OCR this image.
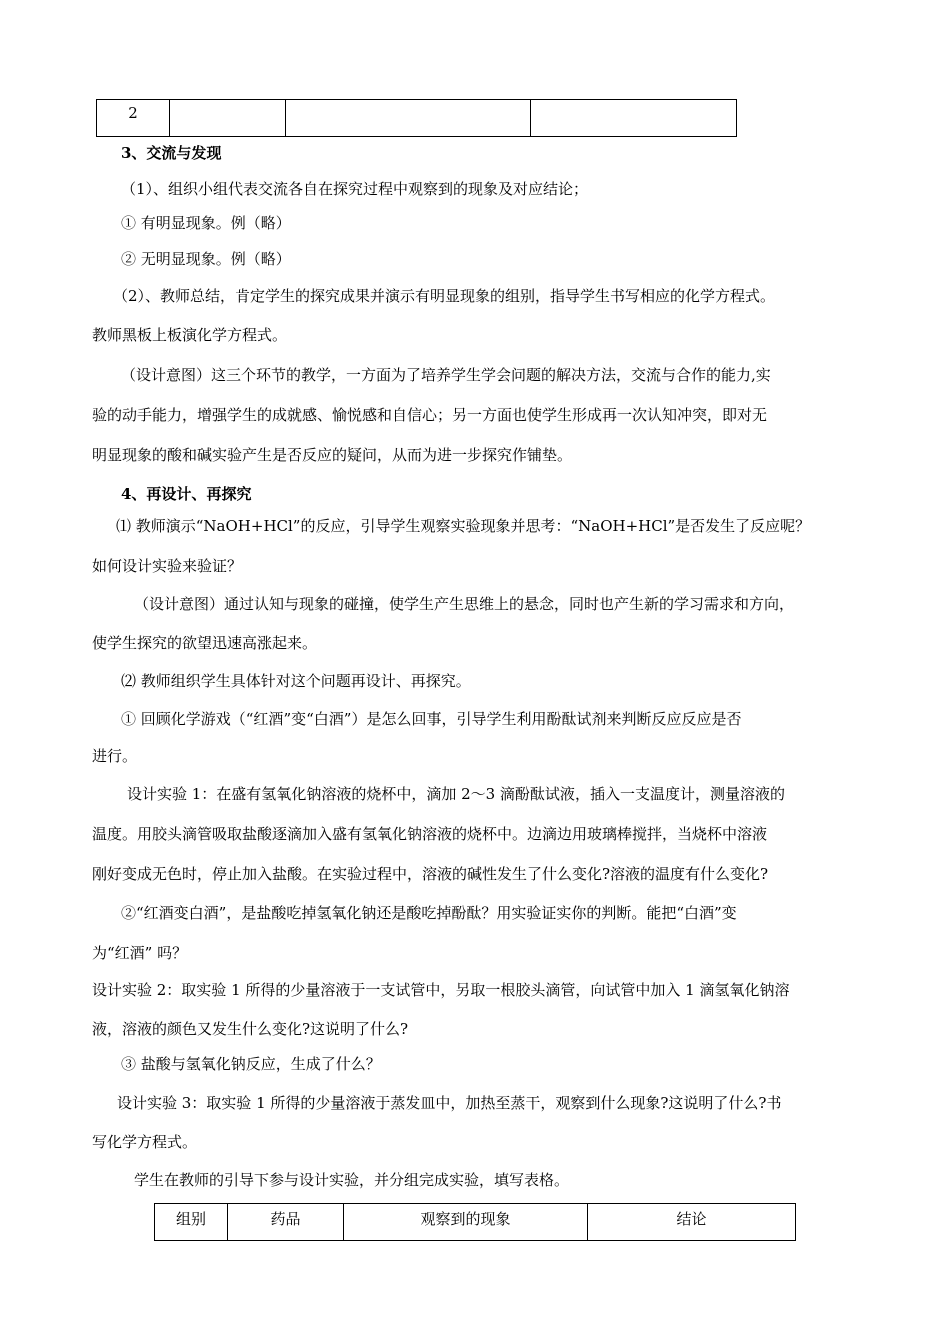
2			
3、交流与发现
（1）、组织小组代表交流各自在探究过程中观察到的现象及对应结论；
① 有明显现象。例（略）
② 无明显现象。例（略）
（2）、教师总结，肯定学生的探究成果并演示有明显现象的组别，指导学生书写相应的化学方程式。
教师黑板上板演化学方程式。
（设计意图）这三个环节的教学，一方面为了培养学生学会问题的解决方法，交流与合作的能力,实
验的动手能力，增强学生的成就感、愉悦感和自信心；另一方面也使学生形成再一次认知冲突，即对无
明显现象的酸和碱实验产生是否反应的疑问，从而为进一步探究作铺垫。
4、再设计、再探究
⑴ 教师演示“NaOH+HCl”的反应，引导学生观察实验现象并思考：“NaOH+HCl”是否发生了反应呢？
如何设计实验来验证？
（设计意图）通过认知与现象的碰撞，使学生产生思维上的悬念，同时也产生新的学习需求和方向，
使学生探究的欲望迅速高涨起来。
⑵ 教师组织学生具体针对这个问题再设计、再探究。
① 回顾化学游戏（“红酒”变“白酒”）是怎么回事，引导学生利用酚酞试剂来判断反应反应是否
进行。
设计实验 1：在盛有氢氧化钠溶液的烧杯中，滴加 2～3 滴酚酞试液，插入一支温度计，测量溶液的
温度。用胶头滴管吸取盐酸逐滴加入盛有氢氧化钠溶液的烧杯中。边滴边用玻璃棒搅拌，当烧杯中溶液
刚好变成无色时，停止加入盐酸。在实验过程中，溶液的碱性发生了什么变化?溶液的温度有什么变化?
②“红酒变白酒”，是盐酸吃掉氢氧化钠还是酸吃掉酚酞？用实验证实你的判断。能把“白酒”变
为“红酒” 吗？
设计实验 2：取实验 1 所得的少量溶液于一支试管中，另取一根胶头滴管，向试管中加入 1 滴氢氧化钠溶
液，溶液的颜色又发生什么变化?这说明了什么?
③ 盐酸与氢氧化钠反应，生成了什么？
设计实验 3：取实验 1 所得的少量溶液于蒸发皿中，加热至蒸干，观察到什么现象?这说明了什么?书
写化学方程式。
学生在教师的引导下参与设计实验，并分组完成实验，填写表格。
组别	药品	观察到的现象	结论
